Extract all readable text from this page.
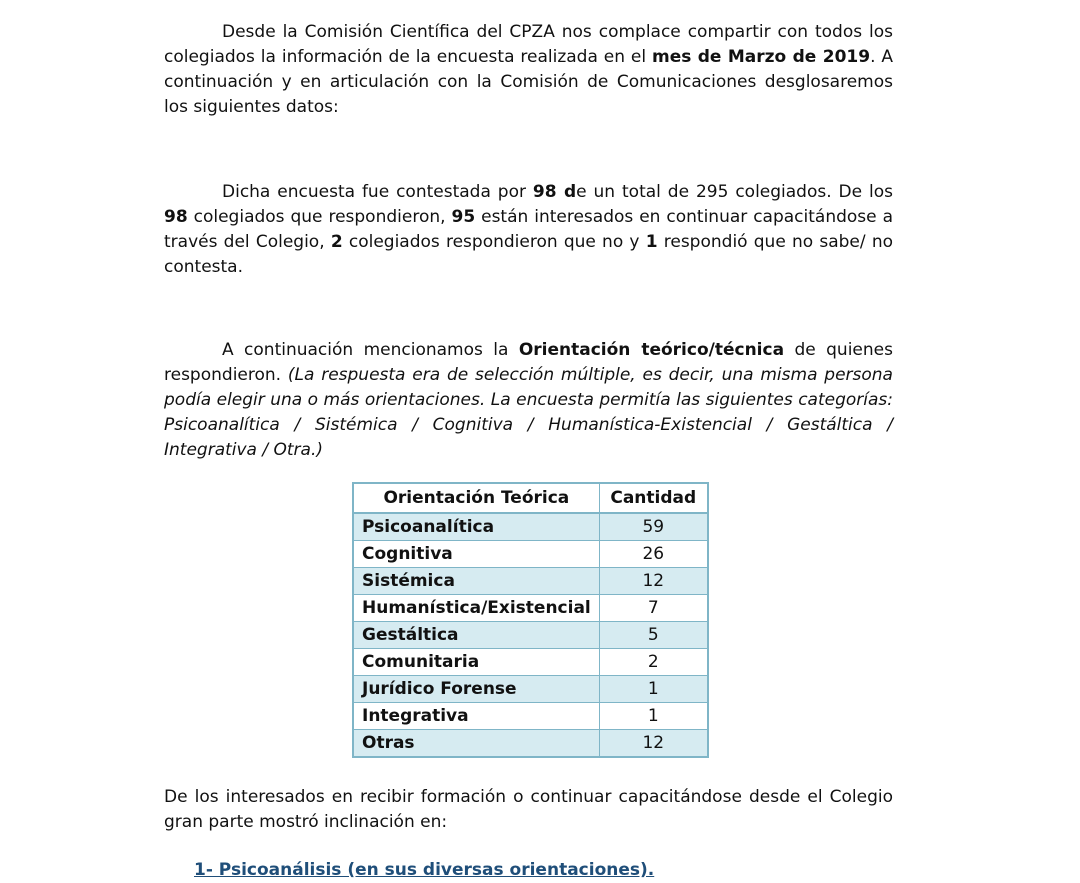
Desde la Comisión Científica del CPZA nos complace compartir con todos los colegiados la información de la encuesta realizada en el mes de Marzo de 2019. A continuación y en articulación con la Comisión de Comunicaciones desglosaremos los siguientes datos:

Dicha encuesta fue contestada por 98 de un total de 295 colegiados. De los 98 colegiados que respondieron, 95 están interesados en continuar capacitándose a través del Colegio, 2 colegiados respondieron que no y 1 respondió que no sabe/ no contesta.

A continuación mencionamos la Orientación teórico/técnica de quienes respondieron. (La respuesta era de selección múltiple, es decir, una misma persona podía elegir una o más orientaciones. La encuesta permitía las siguientes categorías: Psicoanalítica / Sistémica / Cognitiva / Humanística-Existencial / Gestáltica / Integrativa / Otra.)

Orientación Teórica	Cantidad
Psicoanalítica	59
Cognitiva	26
Sistémica	12
Humanística/Existencial	7
Gestáltica	5
Comunitaria	2
Jurídico Forense	1
Integrativa	1
Otras	12

De los interesados en recibir formación o continuar capacitándose desde el Colegio gran parte mostró inclinación en:

1- Psicoanálisis (en sus diversas orientaciones).
